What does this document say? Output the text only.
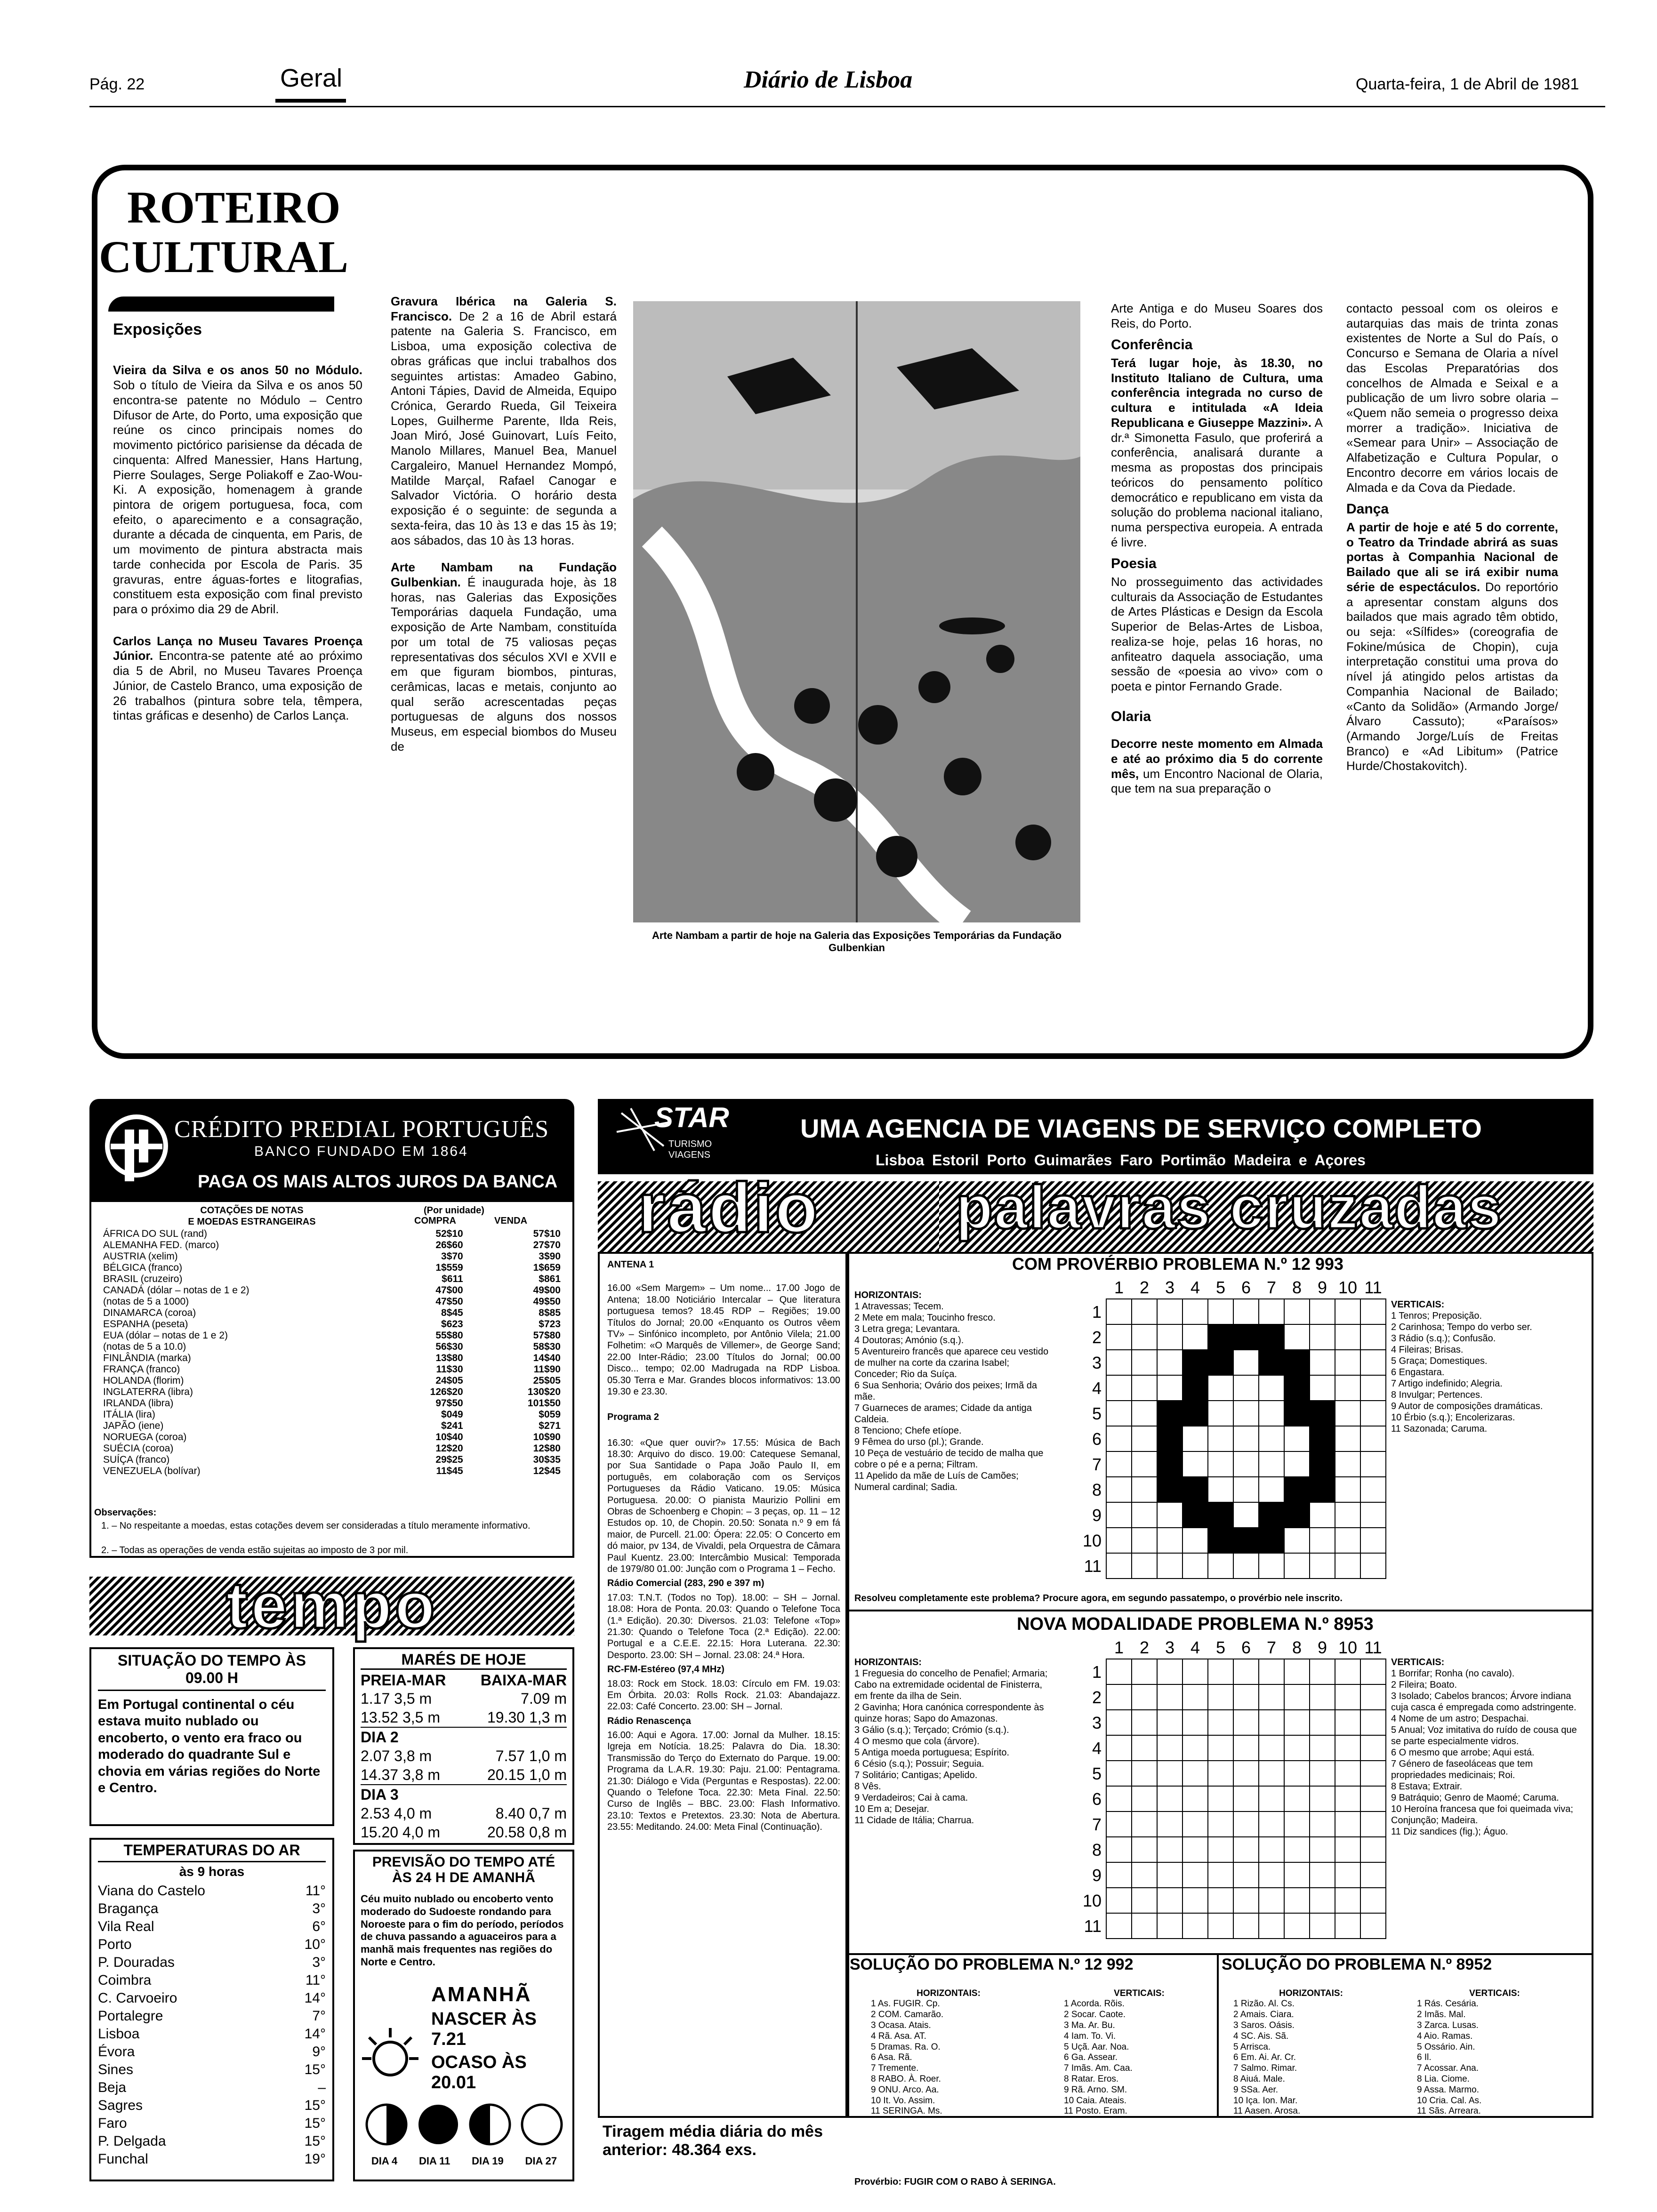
Pág. 22	Geral	Diário de Lisboa	Quarta-feira, 1 de Abril de 1981
ROTEIRO
CULTURAL
Exposições

Vieira da Silva e os anos 50 no Módulo. Sob o título de Vieira da Silva e os anos 50 encontra-se patente no Módulo – Centro Difusor de Arte, do Porto, uma exposição que reúne os cinco principais nomes do movimento pictórico parisiense da década de cinquenta: Alfred Manessier, Hans Hartung, Pierre Soulages, Serge Poliakoff e Zao-Wou-Ki. A exposição, homenagem à grande pintora de origem portuguesa, foca, com efeito, o aparecimento e a consagração, durante a década de cinquenta, em Paris, de um movimento de pintura abstracta mais tarde conhecida por Escola de Paris. 35 gravuras, entre águas-fortes e litografias, constituem esta exposição com final previsto para o próximo dia 29 de Abril.

Carlos Lança no Museu Tavares Proença Júnior. Encontra-se patente até ao próximo dia 5 de Abril, no Museu Tavares Proença Júnior, de Castelo Branco, uma exposição de 26 trabalhos (pintura sobre tela, têmpera, tintas gráficas e desenho) de Carlos Lança.

Gravura Ibérica na Galeria S. Francisco. De 2 a 16 de Abril estará patente na Galeria S. Francisco, em Lisboa, uma exposição colectiva de obras gráficas que inclui trabalhos dos seguintes artistas: Amadeo Gabino, Antoni Tápies, David de Almeida, Equipo Crónica, Gerardo Rueda, Gil Teixeira Lopes, Guilherme Parente, Ilda Reis, Joan Miró, José Guinovart, Luís Feito, Manolo Millares, Manuel Bea, Manuel Cargaleiro, Manuel Hernandez Mompó, Matilde Marçal, Rafael Canogar e Salvador Victória. O horário desta exposição é o seguinte: de segunda a sexta-feira, das 10 às 13 e das 15 às 19; aos sábados, das 10 às 13 horas.

Arte Nambam na Fundação Gulbenkian. É inaugurada hoje, às 18 horas, nas Galerias das Exposições Temporárias daquela Fundação, uma exposição de Arte Nambam, constituída por um total de 75 valiosas peças representativas dos séculos XVI e XVII e em que figuram biombos, pinturas, cerâmicas, lacas e metais, conjunto ao qual serão acrescentadas peças portuguesas de alguns dos nossos Museus, em especial biombos do Museu de

Arte Nambam a partir de hoje na Galeria das Exposições Temporárias da Fundação Gulbenkian

Arte Antiga e do Museu Soares dos Reis, do Porto.

Conferência

Terá lugar hoje, às 18.30, no Instituto Italiano de Cultura, uma conferência integrada no curso de cultura e intitulada «A Ideia Republicana e Giuseppe Mazzini». A dr.ª Simonetta Fasulo, que proferirá a conferência, analisará durante a mesma as propostas dos principais teóricos do pensamento político democrático e republicano em vista da solução do problema nacional italiano, numa perspectiva europeia. A entrada é livre.

Poesia

No prosseguimento das actividades culturais da Associação de Estudantes de Artes Plásticas e Design da Escola Superior de Belas-Artes de Lisboa, realiza-se hoje, pelas 16 horas, no anfiteatro daquela associação, uma sessão de «poesia ao vivo» com o poeta e pintor Fernando Grade.

Olaria

Decorre neste momento em Almada e até ao próximo dia 5 do corrente mês, um Encontro Nacional de Olaria, que tem na sua preparação o

contacto pessoal com os oleiros e autarquias das mais de trinta zonas existentes de Norte a Sul do País, o Concurso e Semana de Olaria a nível das Escolas Preparatórias dos concelhos de Almada e Seixal e a publicação de um livro sobre olaria – «Quem não semeia o progresso deixa morrer a tradição». Iniciativa de «Semear para Unir» – Associação de Alfabetização e Cultura Popular, o Encontro decorre em vários locais de Almada e da Cova da Piedade.

Dança

A partir de hoje e até 5 do corrente, o Teatro da Trindade abrirá as suas portas à Companhia Nacional de Bailado que ali se irá exibir numa série de espectáculos. Do reportório a apresentar constam alguns dos bailados que mais agrado têm obtido, ou seja: «Sílfides» (coreografia de Fokine/música de Chopin), cuja interpretação constitui uma prova do nível já atingido pelos artistas da Companhia Nacional de Bailado; «Canto da Solidão» (Armando Jorge/Álvaro Cassuto); «Paraísos» (Armando Jorge/Luís de Freitas Branco) e «Ad Libitum» (Patrice Hurde/Chostakovitch).

CRÉDITO PREDIAL PORTUGUÊS
BANCO FUNDADO EM 1864
PAGA OS MAIS ALTOS JUROS DA BANCA
COTAÇÕES DE NOTAS
E MOEDAS ESTRANGEIRAS
(Por unidade)
COMPRA	VENDA
ÁFRICA DO SUL (rand)	52$10	57$10
ALEMANHA FED. (marco)	26$60	27$70
AUSTRIA (xelim)	3$70	3$90
BÉLGICA (franco)	1$559	1$659
BRASIL (cruzeiro)	$611	$861
CANADÁ (dólar – notas de 1 e 2)	47$00	49$00
(notas de 5 a 1000)	47$50	49$50
DINAMARCA (coroa)	8$45	8$85
ESPANHA (peseta)	$623	$723
EUA (dólar – notas de 1 e 2)	55$80	57$80
(notas de 5 a 10.0)	56$30	58$30
FINLÂNDIA (marka)	13$80	14$40
FRANÇA (franco)	11$30	11$90
HOLANDA (florim)	24$05	25$05
INGLATERRA (libra)	126$20	130$20
IRLANDA (libra)	97$50	101$50
ITÁLIA (lira)	$049	$059
JAPÃO (iene)	$241	$271
NORUEGA (coroa)	10$40	10$90
SUÉCIA (coroa)	12$20	12$80
SUÍÇA (franco)	29$25	30$35
VENEZUELA (bolívar)	11$45	12$45
Observações:
1. – No respeitante a moedas, estas cotações devem ser consideradas a título meramente informativo.
2. – Todas as operações de venda estão sujeitas ao imposto de 3 por mil.
tempo
SITUAÇÃO DO TEMPO ÀS 09.00 H
Em Portugal continental o céu estava muito nublado ou encoberto, o vento era fraco ou moderado do quadrante Sul e chovia em várias regiões do Norte e Centro.
TEMPERATURAS DO AR
às 9 horas
Viana do Castelo	11°
Bragança	3°
Vila Real	6°
Porto	10°
P. Douradas	3°
Coimbra	11°
C. Carvoeiro	14°
Portalegre	7°
Lisboa	14°
Évora	9°
Sines	15°
Beja	–
Sagres	15°
Faro	15°
P. Delgada	15°
Funchal	19°
MARÉS DE HOJE
PREIA-MAR BAIXA-MAR
1.17 3,5 m	7.09 m
13.52 3,5 m	19.30 1,3 m
DIA 2
2.07 3,8 m	7.57 1,0 m
14.37 3,8 m	20.15 1,0 m
DIA 3
2.53 4,0 m	8.40 0,7 m
15.20 4,0 m	20.58 0,8 m
PREVISÃO DO TEMPO ATÉ ÀS 24 H DE AMANHÃ
Céu muito nublado ou encoberto vento moderado do Sudoeste rondando para Noroeste para o fim do período, períodos de chuva passando a aguaceiros para a manhã mais frequentes nas regiões do Norte e Centro.
AMANHÃ
NASCER ÀS 7.21
OCASO ÀS 20.01
DIA 4 DIA 11 DIA 19 DIA 27
STAR
TURISMO VIAGENS
UMA AGENCIA DE VIAGENS DE SERVIÇO COMPLETO
Lisboa Estoril Porto Guimarães Faro Portimão Madeira e Açores
rádio
ANTENA 1
16.00 «Sem Margem» – Um nome... 17.00 Jogo de Antena; 18.00 Noticiário Intercalar – Que literatura portuguesa temos? 18.45 RDP – Regiões; 19.00 Títulos do Jornal; 20.00 «Enquanto os Outros vêem TV» – Sinfónico incompleto, por Antônio Vilela; 21.00 Folhetim: «O Marquês de Villemer», de George Sand; 22.00 Inter-Rádio; 23.00 Títulos do Jornal; 00.00 Disco... tempo; 02.00 Madrugada na RDP Lisboa. 05.30 Terra e Mar. Grandes blocos informativos: 13.00 19.30 e 23.30.
Programa 2
16.30: «Que quer ouvir?» 17.55: Música de Bach 18.30: Arquivo do disco. 19.00: Catequese Semanal, por Sua Santidade o Papa João Paulo II, em português, em colaboração com os Serviços Portugueses da Rádio Vaticano. 19.05: Música Portuguesa. 20.00: O pianista Maurizio Pollini em Obras de Schoenberg e Chopin: – 3 peças, op. 11 – 12 Estudos op. 10, de Chopin. 20.50: Sonata n.º 9 em fá maior, de Purcell. 21.00: Ópera: 22.05: O Concerto em dó maior, pv 134, de Vivaldi, pela Orquestra de Câmara Paul Kuentz. 23.00: Intercâmbio Musical: Temporada de 1979/80 01.00: Junção com o Programa 1 – Fecho.
Rádio Comercial (283, 290 e 397 m)
17.03: T.N.T. (Todos no Top). 18.00: – SH – Jornal. 18.08: Hora de Ponta. 20.03: Quando o Telefone Toca (1.ª Edição). 20.30: Diversos. 21.03: Telefone «Top» 21.30: Quando o Telefone Toca (2.ª Edição). 22.00: Portugal e a C.E.E. 22.15: Hora Luterana. 22.30: Desporto. 23.00: SH – Jornal. 23.08: 24.ª Hora.
RC-FM-Estéreo (97,4 MHz)
18.03: Rock em Stock. 18.03: Círculo em FM. 19.03: Em Órbita. 20.03: Rolls Rock. 21.03: Abandajazz. 22.03: Café Concerto. 23.00: SH – Jornal.
Rádio Renascença
16.00: Aqui e Agora. 17.00: Jornal da Mulher. 18.15: Igreja em Notícia. 18.25: Palavra do Dia. 18.30: Transmissão do Terço do Externato do Parque. 19.00: Programa da L.A.R. 19.30: Paju. 21.00: Pentagrama. 21.30: Diálogo e Vida (Perguntas e Respostas). 22.00: Quando o Telefone Toca. 22.30: Meta Final. 22.50: Curso de Inglês – BBC. 23.00: Flash Informativo. 23.10: Textos e Pretextos. 23.30: Nota de Abertura. 23.55: Meditando. 24.00: Meta Final (Continuação).
Tiragem média diária do mês anterior: 48.364 exs.
palavras cruzadas
COM PROVÉRBIO PROBLEMA N.º 12 993
HORIZONTAIS:
1 Atravessas; Tecem.
2 Mete em mala; Toucinho fresco.
3 Letra grega; Levantara.
4 Doutoras; Amónio (s.q.).
5 Aventureiro francês que aparece ceu vestido de mulher na corte da czarina Isabel; Conceder; Rio da Suíça.
6 Sua Senhoria; Ovário dos peixes; Irmã da mãe.
7 Guarneces de arames; Cidade da antiga Caldeia.
8 Tenciono; Chefe etíope.
9 Fêmea do urso (pl.); Grande.
10 Peça de vestuário de tecido de malha que cobre o pé e a perna; Filtram.
11 Apelido da mãe de Luís de Camões; Numeral cardinal; Sadia.
1
1
2
2
3
3
4
4
5
5
6
6
7
7
8
8
9
9
10
10
11
11
VERTICAIS:
1 Tenros; Preposição.
2 Carinhosa; Tempo do verbo ser.
3 Rádio (s.q.); Confusão.
4 Fileiras; Brisas.
5 Graça; Domestiques.
6 Engastara.
7 Artigo indefinido; Alegria.
8 Invulgar; Pertences.
9 Autor de composições dramáticas.
10 Érbio (s.q.); Encolerizaras.
11 Sazonada; Caruma.
Resolveu completamente este problema? Procure agora, em segundo passatempo, o provérbio nele inscrito.
NOVA MODALIDADE PROBLEMA N.º 8953
HORIZONTAIS:
1 Freguesia do concelho de Penafiel; Armaria; Cabo na extremidade ocidental de Finisterra, em frente da ilha de Sein.
2 Gavinha; Hora canónica correspondente às quinze horas; Sapo do Amazonas.
3 Gálio (s.q.); Terçado; Crómio (s.q.).
4 O mesmo que cola (árvore).
5 Antiga moeda portuguesa; Espírito.
6 Césio (s.q.); Possuir; Seguia.
7 Solitário; Cantigas; Apelido.
8 Vês.
9 Verdadeiros; Cai à cama.
10 Em a; Desejar.
11 Cidade de Itália; Charrua.
1
1
2
2
3
3
4
4
5
5
6
6
7
7
8
8
9
9
10
10
11
11
VERTICAIS:
1 Borrifar; Ronha (no cavalo).
2 Fileira; Boato.
3 Isolado; Cabelos brancos; Árvore indiana cuja casca é empregada como adstringente.
4 Nome de um astro; Despachai.
5 Anual; Voz imitativa do ruído de cousa que se parte especialmente vidros.
6 O mesmo que arrobe; Aqui está.
7 Género de faseoláceas que tem propriedades medicinais; Roi.
8 Estava; Extrair.
9 Batráquio; Genro de Maomé; Caruma.
10 Heroína francesa que foi queimada viva; Conjunção; Madeira.
11 Diz sandices (fig.); Águo.
SOLUÇÃO DO PROBLEMA N.º 12 992	SOLUÇÃO DO PROBLEMA N.º 8952
HORIZONTAIS:
1 As. FUGIR. Cp.
2 COM. Camarão.
3 Ocasa. Atais.
4 Rã. Asa. AT.
5 Dramas. Ra. O.
6 Asa. Rã.
7 Tremente.
8 RABO. À. Roer.
9 ONU. Arco. Aa.
10 It. Vo. Assim.
11 SERINGA. Ms.
VERTICAIS:
1 Acorda. Rõis.
2 Socar. Caote.
3 Ma. Ar. Bu.
4 Iam. To. Vi.
5 Uçã. Aar. Noa.
6 Ga. Assear.
7 Imãs. Am. Caa.
8 Ratar. Eros.
9 Rã. Arno. SM.
10 Caia. Ateais.
11 Posto. Eram.
Provérbio: FUGIR COM O RABO À SERINGA.
HORIZONTAIS:
1 Rizão. Al. Cs.
2 Amais. Ciara.
3 Saros. Oásis.
4 SC. Ais. Sã.
5 Arrisca.
6 Em. Ai. Ar. Cr.
7 Salmo. Rimar.
8 Aiuá. Male.
9 SSa. Aer.
10 Iça. Ion. Mar.
11 Aasen. Arosa.
VERTICAIS:
1 Rás. Cesária.
2 Imãs. Mal.
3 Zarca. Lusas.
4 Aio. Ramas.
5 Ossário. Ain.
6 Il.
7 Acossar. Ana.
8 Lia. Ciome.
9 Assa. Marmo.
10 Cria. Cal. As.
11 Sãs. Arreara.
